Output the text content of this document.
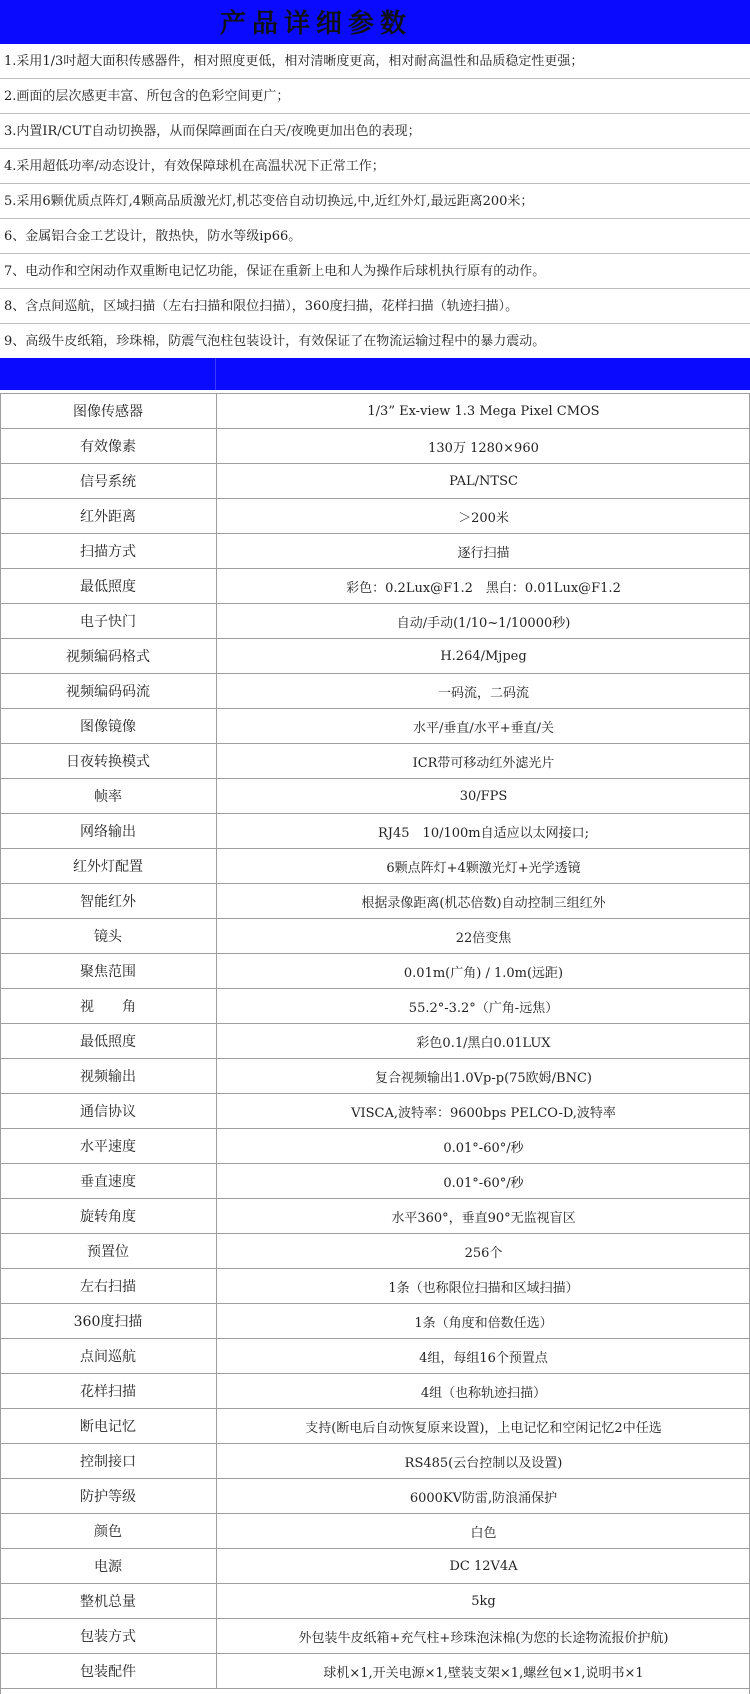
产品详细参数
1.采用1/3吋超大面积传感器件，相对照度更低，相对清晰度更高，相对耐高温性和品质稳定性更强；
2.画面的层次感更丰富、所包含的色彩空间更广；
3.内置IR/CUT自动切换器，从而保障画面在白天/夜晚更加出色的表现；
4.采用超低功率/动态设计，有效保障球机在高温状况下正常工作；
5.采用6颗优质点阵灯,4颗高品质激光灯,机芯变倍自动切换远,中,近红外灯,最远距离200米；
6、金属铝合金工艺设计，散热快，防水等级ip66。
7、电动作和空闲动作双重断电记忆功能，保证在重新上电和人为操作后球机执行原有的动作。
8、含点间巡航，区域扫描（左右扫描和限位扫描），360度扫描，花样扫描（轨迹扫描）。
9、高级牛皮纸箱，珍珠棉，防震气泡柱包装设计，有效保证了在物流运输过程中的暴力震动。
图像传感器	1/3” Ex-view 1.3 Mega Pixel CMOS
有效像素	130万 1280×960
信号系统	PAL/NTSC
红外距离	＞200米
扫描方式	逐行扫描
最低照度	彩色：0.2Lux@F1.2　黑白：0.01Lux@F1.2
电子快门	自动/手动(1/10~1/10000秒)
视频编码格式	H.264/Mjpeg
视频编码码流	一码流，二码流
图像镜像	水平/垂直/水平+垂直/关
日夜转换模式	ICR带可移动红外滤光片
帧率	30/FPS
网络输出	RJ45　10/100m自适应以太网接口;
红外灯配置	6颗点阵灯+4颗激光灯+光学透镜
智能红外	根据录像距离(机芯倍数)自动控制三组红外
镜头	22倍变焦
聚焦范围	0.01m(广角) / 1.0m(远距)
视　　角	55.2°-3.2°（广角-远焦）
最低照度	彩色0.1/黑白0.01LUX
视频输出	复合视频输出1.0Vp-p(75欧姆/BNC)
通信协议	VISCA,波特率：9600bps PELCO-D,波特率
水平速度	0.01°-60°/秒
垂直速度	0.01°-60°/秒
旋转角度	水平360°，垂直90°无监视盲区
预置位	256个
左右扫描	1条（也称限位扫描和区域扫描）
360度扫描	1条（角度和倍数任选）
点间巡航	4组，每组16个预置点
花样扫描	4组（也称轨迹扫描）
断电记忆	支持(断电后自动恢复原来设置)，上电记忆和空闲记忆2中任选
控制接口	RS485(云台控制以及设置)
防护等级	6000KV防雷,防浪涌保护
颜色	白色
电源	DC 12V4A
整机总量	5kg
包装方式	外包装牛皮纸箱+充气柱+珍珠泡沫棉(为您的长途物流报价护航)
包装配件	球机×1,开关电源×1,壁装支架×1,螺丝包×1,说明书×1
